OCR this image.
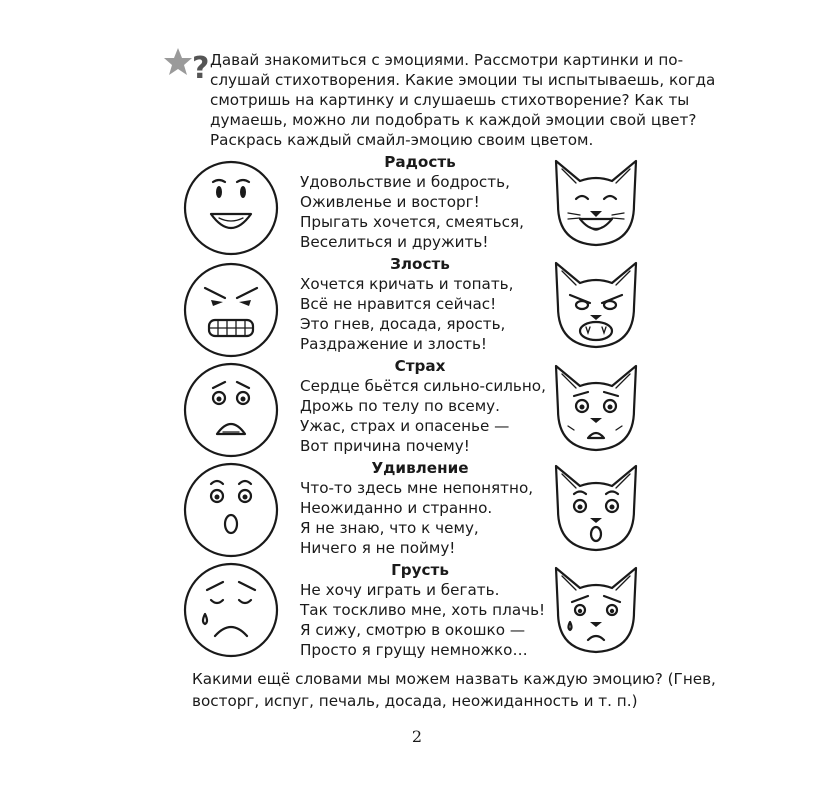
? Давай знакомиться с эмоциями. Рассмотри картинки и по-
слушай стихотворения. Какие эмоции ты испытываешь, когда
смотришь на картинку и слушаешь стихотворение? Как ты
думаешь, можно ли подобрать к каждой эмоции свой цвет?
Раскрась каждый смайл-эмоцию своим цветом.

Радость
Удовольствие и бодрость,
Оживленье и восторг!
Прыгать хочется, смеяться,
Веселиться и дружить!
Злость
Хочется кричать и топать,
Всё не нравится сейчас!
Это гнев, досада, ярость,
Раздражение и злость!
Страх
Сердце бьётся сильно-сильно,
Дрожь по телу по всему.
Ужас, страх и опасенье —
Вот причина почему!
Удивление
Что-то здесь мне непонятно,
Неожиданно и странно.
Я не знаю, что к чему,
Ничего я не пойму!
Грусть
Не хочу играть и бегать.
Так тоскливо мне, хоть плачь!
Я сижу, смотрю в окошко —
Просто я грущу немножко…

Какими ещё словами мы можем назвать каждую эмоцию? (Гнев,
восторг, испуг, печаль, досада, неожиданность и т. п.)

2
